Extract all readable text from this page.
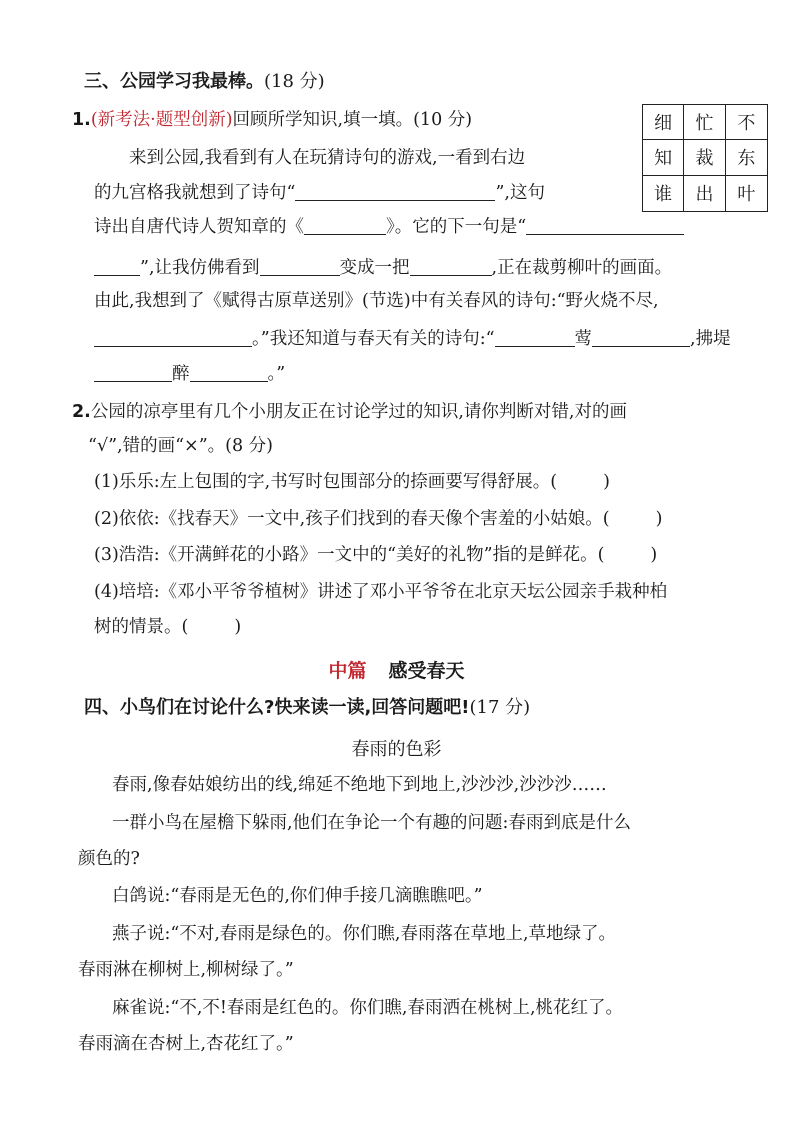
三、公园学习我最棒。(18 分)
1.(新考法·题型创新)回顾所学知识,填一填。(10 分)	细	忙	不
知	裁	东
谁	出	叶
来到公园,我看到有人在玩猜诗句的游戏,一看到右边
的九宫格我就想到了诗句“	”,这句
诗出自唐代诗人贺知章的《	》。它的下一句是“
”,让我仿佛看到	变成一把	,正在裁剪柳叶的画面。
由此,我想到了《赋得古原草送别》(节选)中有关春风的诗句:“野火烧不尽,
。”我还知道与春天有关的诗句:“	莺	,拂堤
醉	。”
2.公园的凉亭里有几个小朋友正在讨论学过的知识,请你判断对错,对的画
“√”,错的画“×”。(8 分)
(1)乐乐:左上包围的字,书写时包围部分的捺画要写得舒展。(	)
(2)依依:《找春天》一文中,孩子们找到的春天像个害羞的小姑娘。(	)
(3)浩浩:《开满鲜花的小路》一文中的“美好的礼物”指的是鲜花。(	)
(4)培培:《邓小平爷爷植树》讲述了邓小平爷爷在北京天坛公园亲手栽种柏
树的情景。(	)
中篇 感受春天
四、小鸟们在讨论什么?快来读一读,回答问题吧!(17 分)
春雨的色彩
春雨,像春姑娘纺出的线,绵延不绝地下到地上,沙沙沙,沙沙沙……
一群小鸟在屋檐下躲雨,他们在争论一个有趣的问题:春雨到底是什么
颜色的?
白鸽说:“春雨是无色的,你们伸手接几滴瞧瞧吧。”
燕子说:“不对,春雨是绿色的。你们瞧,春雨落在草地上,草地绿了。
春雨淋在柳树上,柳树绿了。”
麻雀说:“不,不!春雨是红色的。你们瞧,春雨洒在桃树上,桃花红了。
春雨滴在杏树上,杏花红了。”
